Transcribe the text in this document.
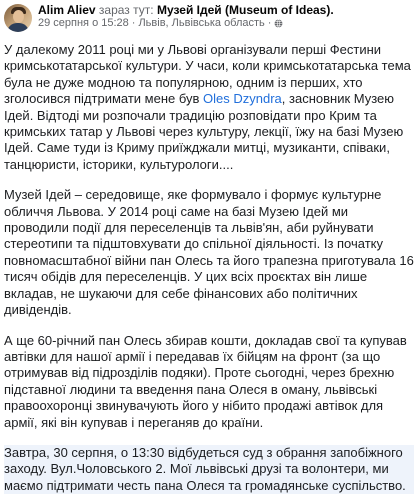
Alim Aliev зараз тут: Музей Ідей (Museum of Ideas).
29 серпня о 15:28 · Львів, Львівська область ·

У далекому 2011 році ми у Львові організували перші Фестини кримськотатарської культури. У часи, коли кримськотатарська тема була не дуже модною та популярною, одним із перших, хто зголосився підтримати мене був Oles Dzyndra, засновник Музею Ідей. Відтоді ми розпочали традицію розповідати про Крим та кримських татар у Львові через культуру, лекції, їжу на базі Музею Ідей. Саме туди із Криму приїжджали митці, музиканти, співаки, танцюристи, історики, культурологи....

Музей Ідей – середовище, яке формувало і формує культурне обличчя Львова. У 2014 році саме на базі Музею Ідей ми проводили події для переселенців та львів'ян, аби руйнувати стереотипи та підштовхувати до спільної діяльності. Із початку повномасштабної війни пан Олесь та його трапезна приготувала 16 тисяч обідів для переселенців. У цих всіх проєктах він лише вкладав, не шукаючи для себе фінансових або політичних дивідендів.

А ще 60-річний пан Олесь збирав кошти, докладав свої та купував автівки для нашої армії і передавав їх бійцям на фронт (за що отримував від підрозділів подяки). Проте сьогодні, через брехню підставної людини та введення пана Олеся в оману, львівські правоохоронці звинувачують його у нібито продажі автівок для армії, які він купував і переганяв до країни.

Завтра, 30 серпня, о 13:30 відбудеться суд з обрання запобіжного заходу. Вул.Чоловського 2. Мої львівські друзі та волонтери, ми маємо підтримати честь пана Олеся та громадянське суспільство.
